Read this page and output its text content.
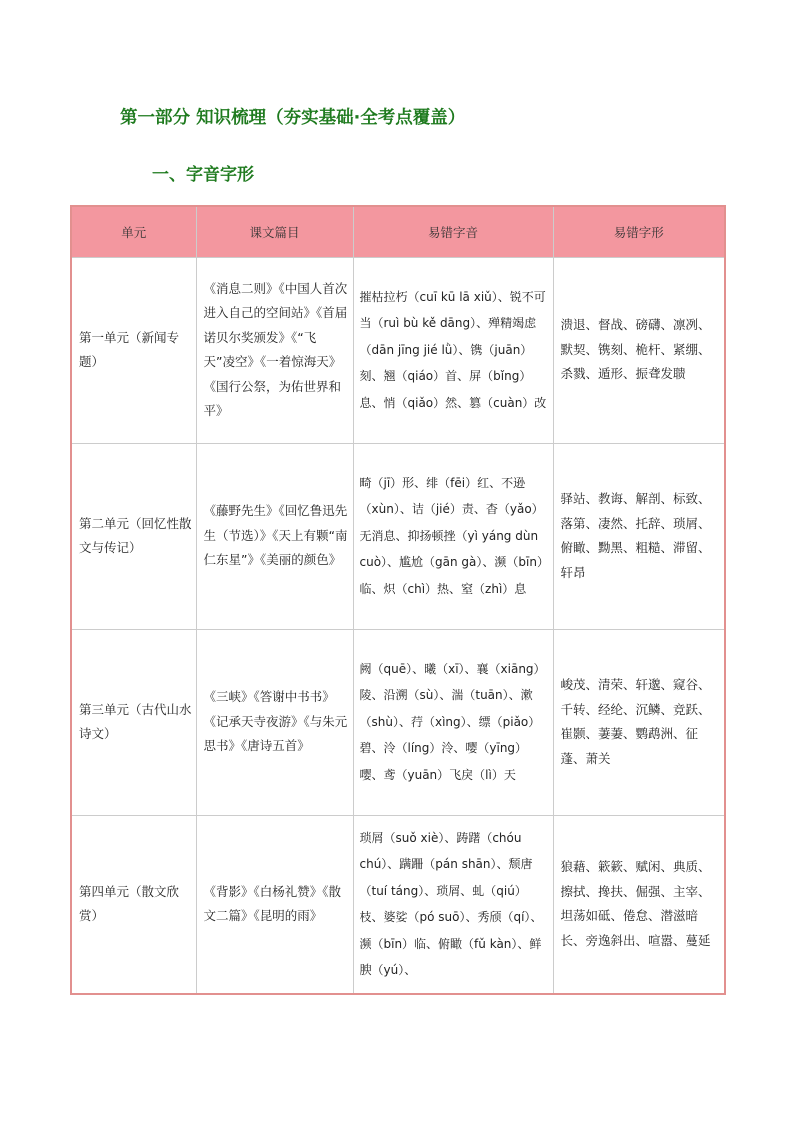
第一部分 知识梳理（夯实基础·全考点覆盖）
一、字音字形
单元	课文篇目	易错字音	易错字形
第一单元（新闻专题）	《消息二则》《中国人首次进入自己的空间站》《首届诺贝尔奖颁发》《“飞天”凌空》《一着惊海天》《国行公祭，为佑世界和平》	摧枯拉朽（cuī kū lā xiǔ）、锐不可当（ruì bù kě dāng）、殚精竭虑（dān jīng jié lǜ）、镌（juān）刻、翘（qiáo）首、屏（bǐng）息、悄（qiǎo）然、篡（cuàn）改	溃退、督战、磅礴、凛冽、默契、镌刻、桅杆、紧绷、杀戮、遁形、振聋发聩
第二单元（回忆性散文与传记）	《藤野先生》《回忆鲁迅先生（节选）》《天上有颗“南仁东星”》《美丽的颜色》	畸（jī）形、绯（fēi）红、不逊（xùn）、诘（jié）责、杳（yǎo）无消息、抑扬顿挫（yì yáng dùn cuò）、尴尬（gān gà）、濒（bīn）临、炽（chì）热、窒（zhì）息	驿站、教诲、解剖、标致、落第、凄然、托辞、琐屑、俯瞰、黝黑、粗糙、滞留、轩昂
第三单元（古代山水诗文）	《三峡》《答谢中书书》《记承天寺夜游》《与朱元思书》《唐诗五首》	阙（quē）、曦（xī）、襄（xiāng）陵、沿溯（sù）、湍（tuān）、漱（shù）、荇（xìng）、缥（piǎo）碧、泠（líng）泠、嘤（yīng）嘤、鸢（yuān）飞戾（lì）天	峻茂、清荣、轩邈、窥谷、千转、经纶、沉鳞、竞跃、崔颢、萋萋、鹦鹉洲、征蓬、萧关
第四单元（散文欣赏）	《背影》《白杨礼赞》《散文二篇》《昆明的雨》	琐屑（suǒ xiè）、踌躇（chóu chú）、蹒跚（pán shān）、颓唐（tuí táng）、琐屑、虬（qiú）枝、婆娑（pó suō）、秀颀（qí）、濒（bīn）临、俯瞰（fǔ kàn）、鲜腴（yú）、	狼藉、簌簌、赋闲、典质、擦拭、搀扶、倔强、主宰、坦荡如砥、倦怠、潜滋暗长、旁逸斜出、喧嚣、蔓延
